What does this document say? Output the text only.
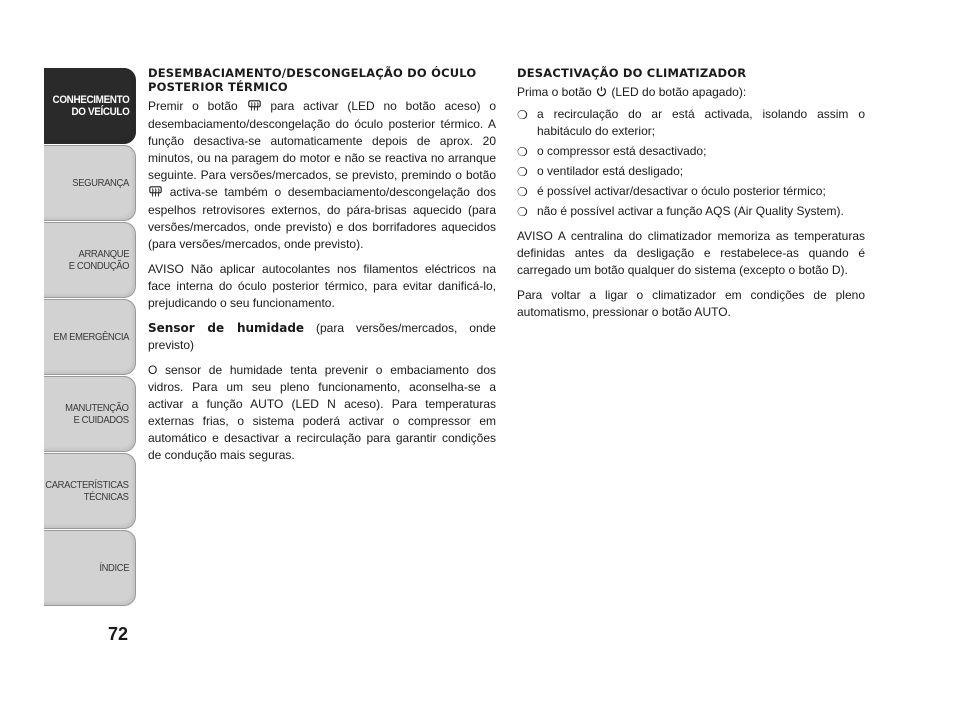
CONHECIMENTO
DO VEÍCULO
SEGURANÇA
ARRANQUE
E CONDUÇÃO
EM EMERGÊNCIA
MANUTENÇÃO
E CUIDADOS
CARACTERÍSTICAS
TÉCNICAS
ÍNDICE
72
DESEMBACIAMENTO/DESCONGELAÇÃO DO ÓCULO POSTERIOR TÉRMICO

Premir o botão  para activar (LED no botão aceso) o desembaciamento/descongelação do óculo posterior térmico. A função desactiva-se automaticamente depois de aprox. 20 minutos, ou na paragem do motor e não se reactiva no arranque seguinte. Para versões/mercados, se previsto, premindo o botão  activa-se também o desembaciamento/descongelação dos espelhos retrovisores externos, do pára-brisas aquecido (para versões/mercados, onde previsto) e dos borrifadores aquecidos (para versões/mercados, onde previsto).

AVISO Não aplicar autocolantes nos filamentos eléctricos na face interna do óculo posterior térmico, para evitar danificá-lo, prejudicando o seu funcionamento.

Sensor de humidade (para versões/mercados, onde previsto)

O sensor de humidade tenta prevenir o embaciamento dos vidros. Para um seu pleno funcionamento, aconselha-se a activar a função AUTO (LED N aceso). Para temperaturas externas frias, o sistema poderá activar o compressor em automático e desactivar a recirculação para garantir condições de condução mais seguras.

DESACTIVAÇÃO DO CLIMATIZADOR

Prima o botão  (LED do botão apagado):

❍ a recirculação do ar está activada, isolando assim o habitáculo do exterior;
❍ o compressor está desactivado;
❍ o ventilador está desligado;
❍ é possível activar/desactivar o óculo posterior térmico;
❍ não é possível activar a função AQS (Air Quality System).

AVISO A centralina do climatizador memoriza as temperaturas definidas antes da desligação e restabelece-as quando é carregado um botão qualquer do sistema (excepto o botão D).

Para voltar a ligar o climatizador em condições de pleno automatismo, pressionar o botão AUTO.
